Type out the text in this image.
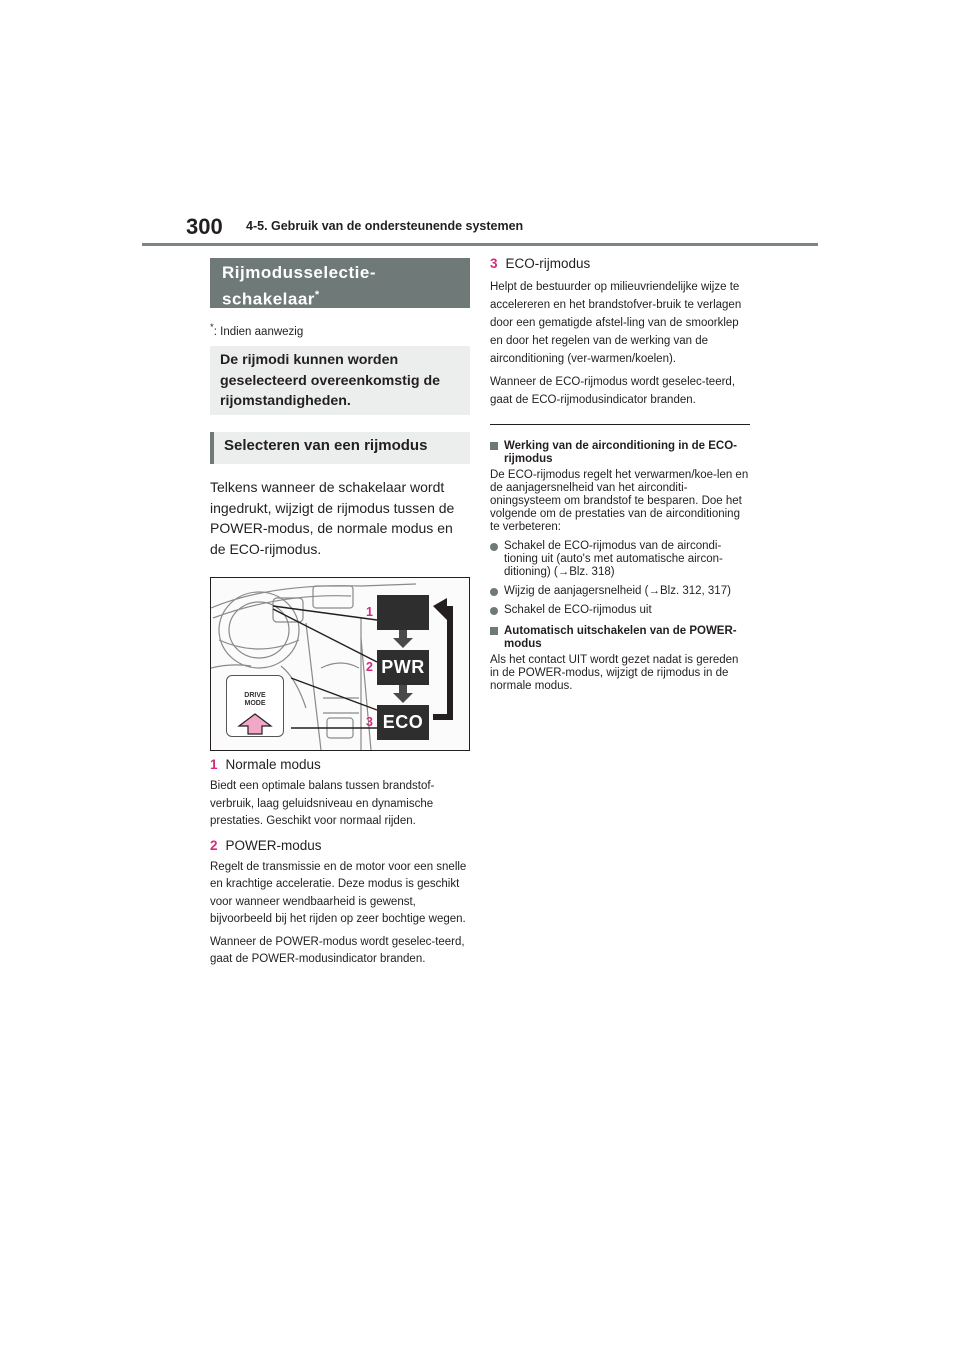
300 4-5. Gebruik van de ondersteunende systemen
Rijmodusselectie-schakelaar*
*: Indien aanwezig
De rijmodi kunnen worden geselecteerd overeenkomstig de rijomstandigheden.
Selecteren van een rijmodus
Telkens wanneer de schakelaar wordt ingedrukt, wijzigt de rijmodus tussen de POWER-modus, de normale modus en de ECO-rijmodus.
1
2
3
PWR
ECO
DRIVE
MODE
1 Normale modus

Biedt een optimale balans tussen brandstof-verbruik, laag geluidsniveau en dynamische prestaties. Geschikt voor normaal rijden.

2 POWER-modus

Regelt de transmissie en de motor voor een snelle en krachtige acceleratie. Deze modus is geschikt voor wanneer wendbaarheid is gewenst, bijvoorbeeld bij het rijden op zeer bochtige wegen.

Wanneer de POWER-modus wordt geselec-teerd, gaat de POWER-modusindicator branden.

3 ECO-rijmodus

Helpt de bestuurder op milieuvriendelijke wijze te accelereren en het brandstofver-bruik te verlagen door een gematigde afstel-ling van de smoorklep en door het regelen van de werking van de airconditioning (ver-warmen/koelen).

Wanneer de ECO-rijmodus wordt geselec-teerd, gaat de ECO-rijmodusindicator branden.

Werking van de airconditioning in de ECO-rijmodus
De ECO-rijmodus regelt het verwarmen/koe-len en de aanjagersnelheid van het airconditi-oningsysteem om brandstof te besparen. Doe het volgende om de prestaties van de airconditioning te verbeteren:
Schakel de ECO-rijmodus van de aircondi-tioning uit (auto's met automatische aircon-ditioning) (→Blz. 318)
Wijzig de aanjagersnelheid (→Blz. 312, 317)
Schakel de ECO-rijmodus uit
Automatisch uitschakelen van de POWER-modus
Als het contact UIT wordt gezet nadat is gereden in de POWER-modus, wijzigt de rijmodus in de normale modus.
